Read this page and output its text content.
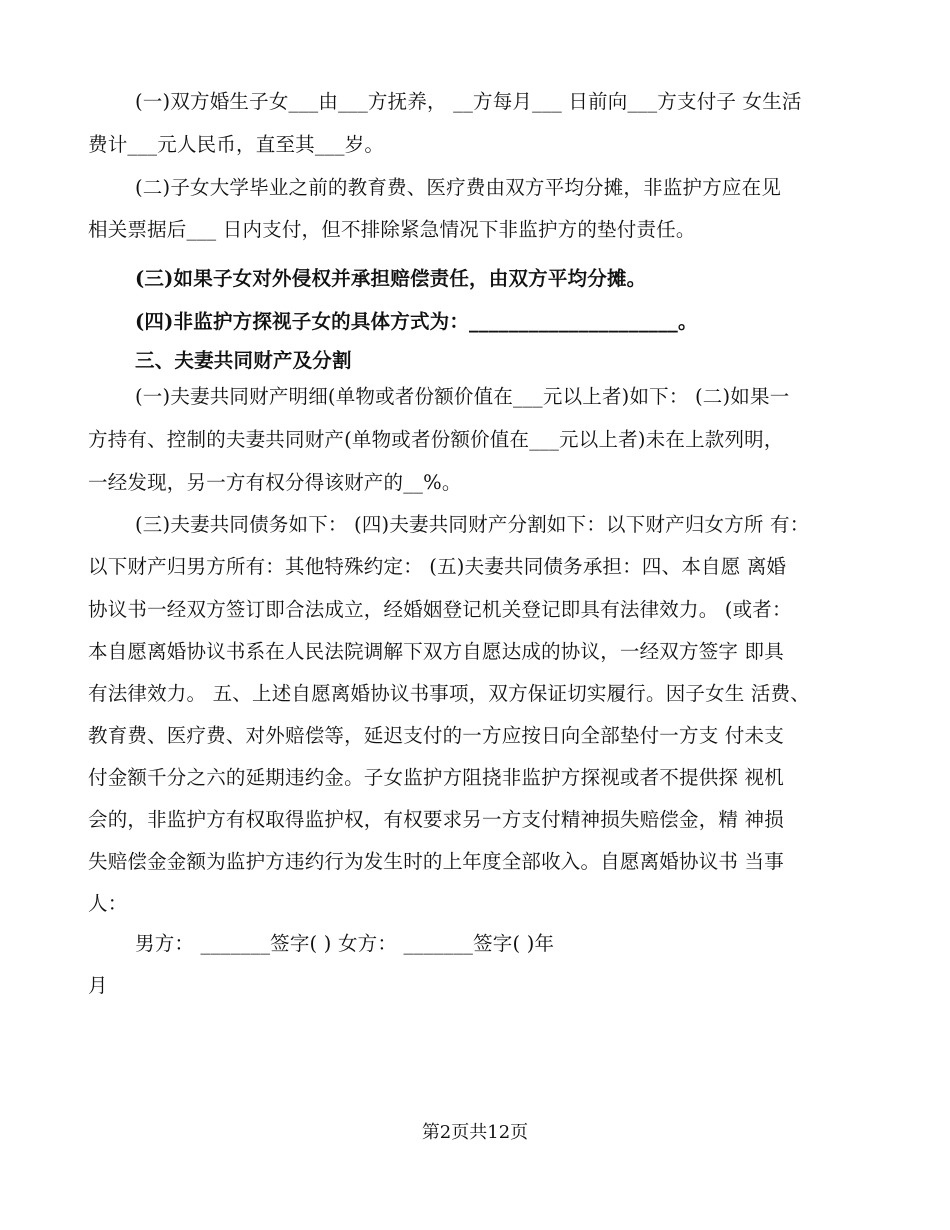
(一)双方婚生子女___由___方抚养， __方每月___ 日前向___方支付子 女生活
费计___元人民币，直至其___岁。
(二)子女大学毕业之前的教育费、医疗费由双方平均分摊，非监护方应在见
相关票据后___ 日内支付，但不排除紧急情况下非监护方的垫付责任。
(三)如果子女对外侵权并承担赔偿责任，由双方平均分摊。
(四)非监护方探视子女的具体方式为：_____________________。
三、夫妻共同财产及分割
(一)夫妻共同财产明细(单物或者份额价值在___元以上者)如下： (二)如果一
方持有、控制的夫妻共同财产(单物或者份额价值在___元以上者)未在上款列明，
一经发现，另一方有权分得该财产的__%。
(三)夫妻共同债务如下： (四)夫妻共同财产分割如下：以下财产归女方所 有：
以下财产归男方所有：其他特殊约定： (五)夫妻共同债务承担：四、本自愿 离婚
协议书一经双方签订即合法成立，经婚姻登记机关登记即具有法律效力。 (或者：
本自愿离婚协议书系在人民法院调解下双方自愿达成的协议，一经双方签字 即具
有法律效力。 五、上述自愿离婚协议书事项，双方保证切实履行。因子女生 活费、
教育费、医疗费、对外赔偿等，延迟支付的一方应按日向全部垫付一方支 付未支
付金额千分之六的延期违约金。子女监护方阻挠非监护方探视或者不提供探 视机
会的，非监护方有权取得监护权，有权要求另一方支付精神损失赔偿金，精 神损
失赔偿金金额为监护方违约行为发生时的上年度全部收入。自愿离婚协议书 当事
人：
男方： _______签字( ) 女方： _______签字( )年
月
第2页共12页
